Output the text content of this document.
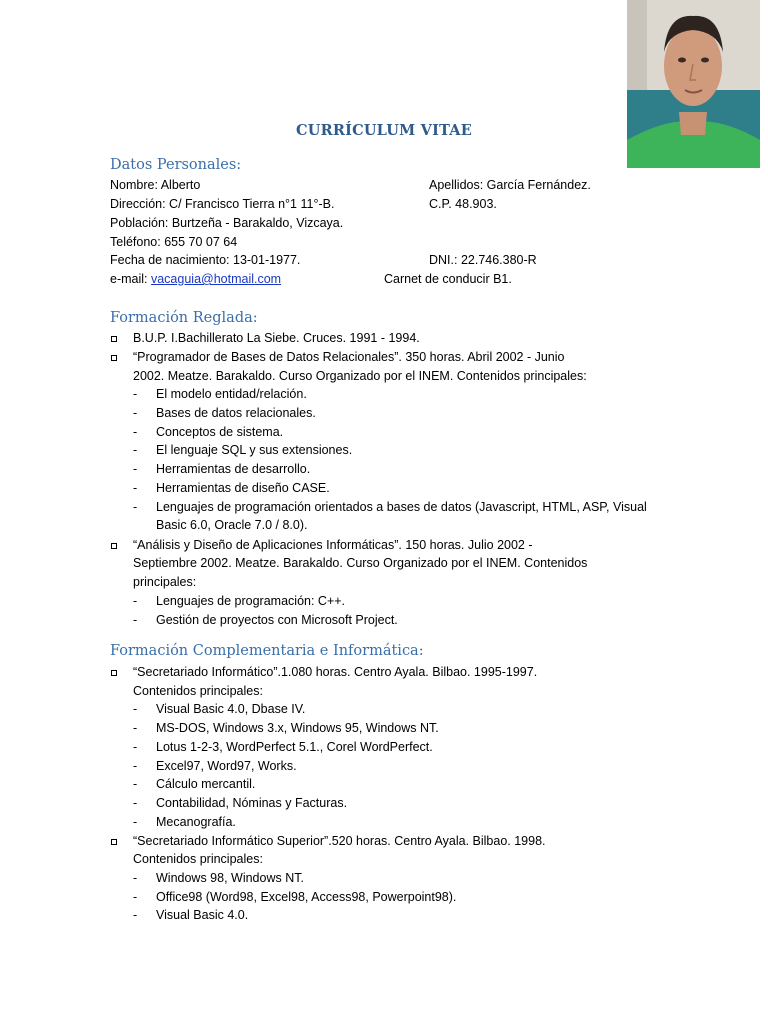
CURRÍCULUM VITAE
Datos Personales:
Nombre: Alberto	Apellidos: García Fernández.
Dirección: C/ Francisco Tierra n°1 11°-B.	C.P. 48.903.
Población: Burtzeña - Barakaldo, Vizcaya.
Teléfono: 655 70 07 64
Fecha de nacimiento: 13-01-1977.	DNI.: 22.746.380-R
e-mail: vacaguia@hotmail.com	Carnet de conducir B1.
Formación Reglada:
B.U.P. I.Bachillerato La Siebe. Cruces. 1991 - 1994.
“Programador de Bases de Datos Relacionales”. 350 horas. Abril 2002 - Junio
2002. Meatze. Barakaldo. Curso Organizado por el INEM. Contenidos principales:
- El modelo entidad/relación.
- Bases de datos relacionales.
- Conceptos de sistema.
- El lenguaje SQL y sus extensiones.
- Herramientas de desarrollo.
- Herramientas de diseño CASE.
- Lenguajes de programación orientados a bases de datos (Javascript, HTML, ASP, Visual
Basic 6.0, Oracle 7.0 / 8.0).
“Análisis y Diseño de Aplicaciones Informáticas”. 150 horas. Julio 2002 -
Septiembre 2002. Meatze. Barakaldo. Curso Organizado por el INEM. Contenidos
principales:
- Lenguajes de programación: C++.
- Gestión de proyectos con Microsoft Project.
Formación Complementaria e Informática:
“Secretariado Informático”.1.080 horas. Centro Ayala. Bilbao. 1995-1997.
Contenidos principales:
- Visual Basic 4.0, Dbase IV.
- MS-DOS, Windows 3.x, Windows 95, Windows NT.
- Lotus 1-2-3, WordPerfect 5.1., Corel WordPerfect.
- Excel97, Word97, Works.
- Cálculo mercantil.
- Contabilidad, Nóminas y Facturas.
- Mecanografía.
“Secretariado Informático Superior”.520 horas. Centro Ayala. Bilbao. 1998.
Contenidos principales:
- Windows 98, Windows NT.
- Office98 (Word98, Excel98, Access98, Powerpoint98).
- Visual Basic 4.0.
